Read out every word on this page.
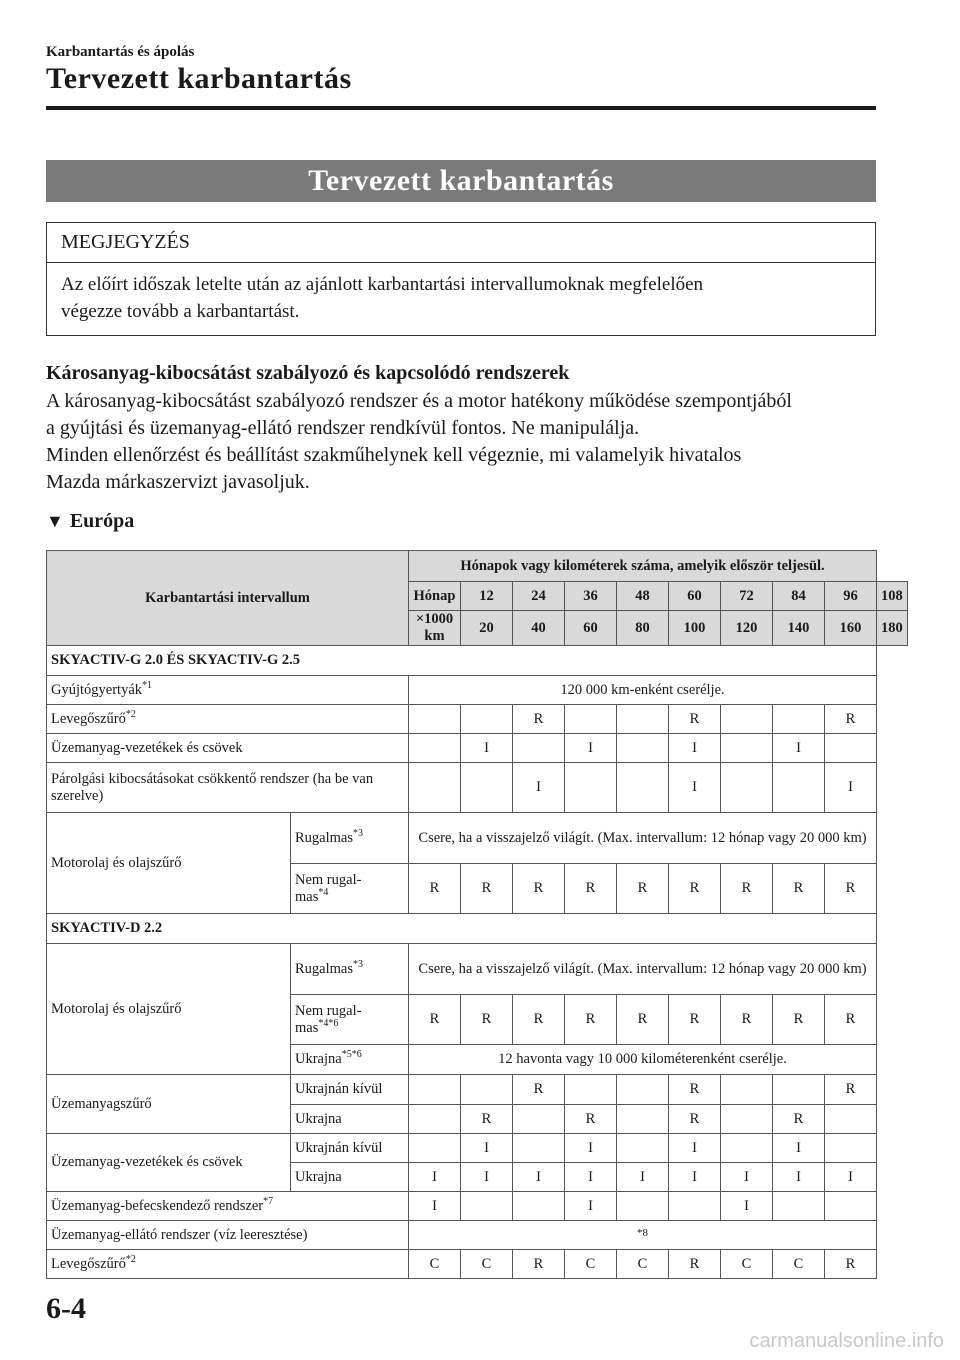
Karbantartás és ápolás
Tervezett karbantartás
Tervezett karbantartás
MEGJEGYZÉS
Az előírt időszak letelte után az ajánlott karbantartási intervallumoknak megfelelően
végezze tovább a karbantartást.
Károsanyag-kibocsátást szabályozó és kapcsolódó rendszerek
A károsanyag-kibocsátást szabályozó rendszer és a motor hatékony működése szempontjából
a gyújtási és üzemanyag-ellátó rendszer rendkívül fontos. Ne manipulálja.
Minden ellenőrzést és beállítást szakműhelynek kell végeznie, mi valamelyik hivatalos
Mazda márkaszervizt javasoljuk.
▼ Európa
Karbantartási intervallum		Hónapok vagy kilométerek száma, amelyik először teljesül.									
		Hónap	12	24	36	48	60	72	84	96	108
		×1000 km	20	40	60	80	100	120	140	160	180
SKYACTIV-G 2.0 ÉS SKYACTIV-G 2.5											
Gyújtógyertyák$^{*1}$		120 000 km-enként cserélje.									
Levegőszűrő$^{*2}$				R			R			R	
Üzemanyag-vezetékek és csövek			I		I		I		I		
Párolgási kibocsátásokat csökkentő rendszer (ha be van szerelve)				I			I			I	
Motorolaj és olajszűrő	Rugalmas$^{*3}$	Csere, ha a visszajelző világít. (Max. intervallum: 12 hónap vagy 20 000 km)									
	Nem rugal-
mas$^{*4}$	R	R	R	R	R	R	R	R	R	
SKYACTIV-D 2.2											
Motorolaj és olajszűrő	Rugalmas$^{*3}$	Csere, ha a visszajelző világít. (Max. intervallum: 12 hónap vagy 20 000 km)									
	Nem rugal-
mas$^{*4*6}$	R	R	R	R	R	R	R	R	R	
	Ukrajna$^{*5*6}$	12 havonta vagy 10 000 kilométerenként cserélje.									
Üzemanyagszűrő	Ukrajnán kívül			R			R			R	
	Ukrajna		R		R		R		R		
Üzemanyag-vezetékek és csövek	Ukrajnán kívül		I		I		I		I		
	Ukrajna	I	I	I	I	I	I	I	I	I	
Üzemanyag-befecskendező rendszer$^{*7}$		I			I			I			
Üzemanyag-ellátó rendszer (víz leeresztése)		*8									
Levegőszűrő$^{*2}$		C	C	R	C	C	R	C	C	R	
6-4
carmanualsonline.info
